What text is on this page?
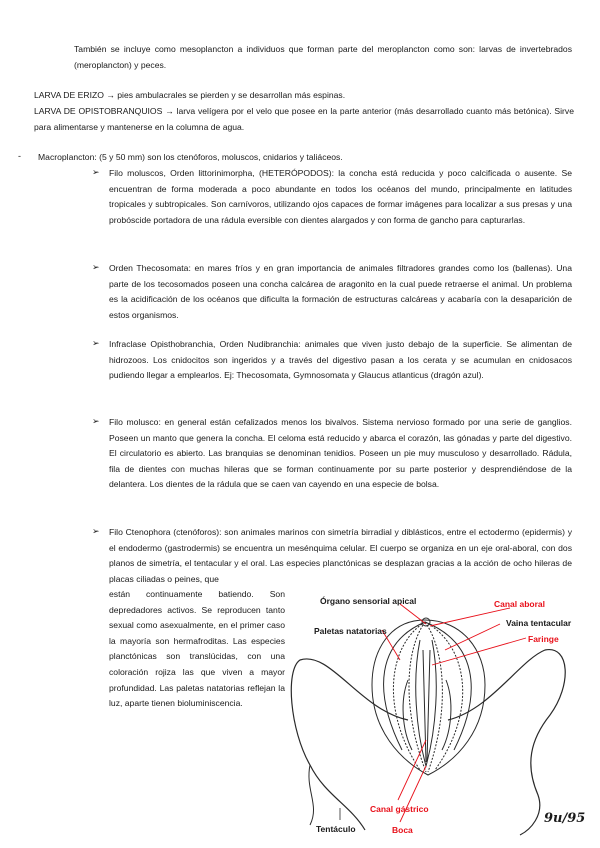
También se incluye como mesoplancton a individuos que forman parte del meroplancton como son: larvas de invertebrados (meroplancton) y peces.

LARVA DE ERIZO → pies ambulacrales se pierden y se desarrollan más espinas.

LARVA DE OPISTOBRANQUIOS → larva velígera por el velo que posee en la parte anterior (más desarrollado cuanto más betónica). Sirve para alimentarse y mantenerse en la columna de agua.

- Macroplancton: (5 y 50 mm) son los ctenóforos, moluscos, cnidarios y taliáceos.

➢ Filo moluscos, Orden littorinimorpha, (HETERÓPODOS): la concha está reducida y poco calcificada o ausente. Se encuentran de forma moderada a poco abundante en todos los océanos del mundo, principalmente en latitudes tropicales y subtropicales. Son carnívoros, utilizando ojos capaces de formar imágenes para localizar a sus presas y una probóscide portadora de una rádula eversible con dientes alargados y con forma de gancho para capturarlas.

➢ Orden Thecosomata: en mares fríos y en gran importancia de animales filtradores grandes como los (ballenas). Una parte de los tecosomados poseen una concha calcárea de aragonito en la cual puede retraerse el animal. Un problema es la acidificación de los océanos que dificulta la formación de estructuras calcáreas y acabaría con la desaparición de estos organismos.

➢ Infraclase Opisthobranchia, Orden Nudibranchia: animales que viven justo debajo de la superficie. Se alimentan de hidrozoos. Los cnidocitos son ingeridos y a través del digestivo pasan a los cerata y se acumulan en cnidosacos pudiendo llegar a emplearlos. Ej: Thecosomata, Gymnosomata y Glaucus atlanticus (dragón azul).

➢ Filo molusco: en general están cefalizados menos los bivalvos. Sistema nervioso formado por una serie de ganglios. Poseen un manto que genera la concha. El celoma está reducido y abarca el corazón, las gónadas y parte del digestivo. El circulatorio es abierto. Las branquias se denominan tenidios. Poseen un pie muy musculoso y desarrollado. Rádula, fila de dientes con muchas hileras que se forman continuamente por su parte posterior y desprendiéndose de la delantera. Los dientes de la rádula que se caen van cayendo en una especie de bolsa.

➢ Filo Ctenophora (ctenóforos): son animales marinos con simetría birradial y diblásticos, entre el ectodermo (epidermis) y el endodermo (gastrodermis) se encuentra un mesénquima celular. El cuerpo se organiza en un eje oral-aboral, con dos planos de simetría, el tentacular y el oral. Las especies planctónicas se desplazan gracias a la acción de ocho hileras de placas ciliadas o peines, que

están continuamente batiendo. Son depredadores activos. Se reproducen tanto sexual como asexualmente, en el primer caso la mayoría son hermafroditas. Las especies planctónicas son translúcidas, con una coloración rojiza las que viven a mayor profundidad. Las paletas natatorias reflejan la luz, aparte tienen bioluminiscencia.

Órgano sensorial apical	Canal aboral
Vaina tentacular
Paletas natatorias
Faringe
Canal gástrico
Tentáculo	Boca
9u/95
